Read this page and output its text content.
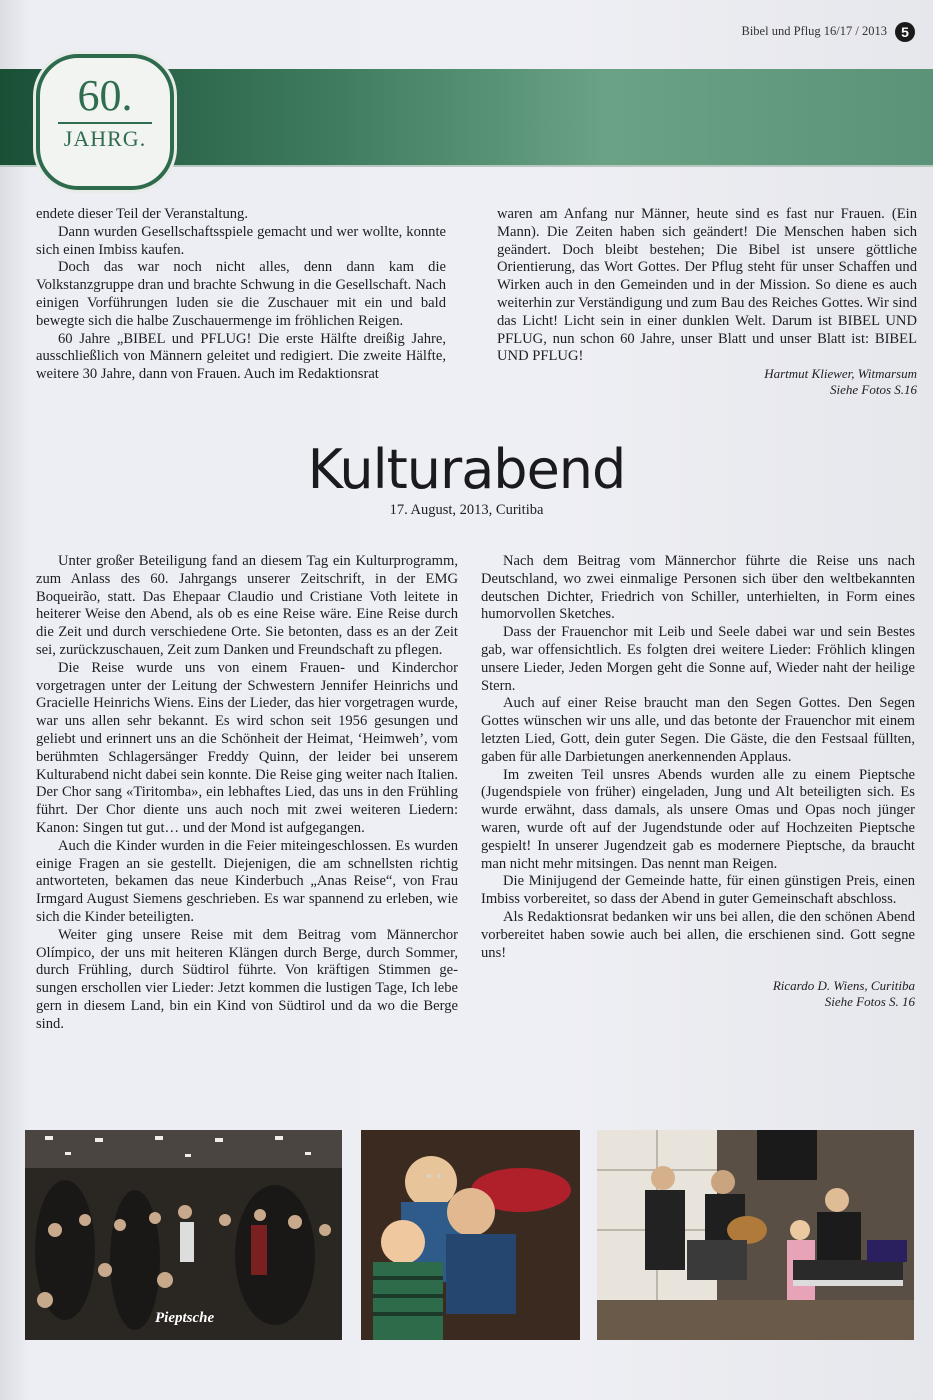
Bibel und Pflug 16/17 / 2013	5
60.
JAHRG.

endete dieser Teil der Veranstaltung.

Dann wurden Gesellschaftsspiele gemacht und wer wollte, konnte sich einen Imbiss kaufen.

Doch das war noch nicht alles, denn dann kam die Volkstanzgruppe dran und brachte Schwung in die Gesellschaft. Nach einigen Vorführungen luden sie die Zuschauer mit ein und bald bewegte sich die halbe Zuschauermenge im fröhlichen Reigen.

60 Jahre „BIBEL und PFLUG! Die erste Hälfte dreißig Jahre, ausschließlich von Männern geleitet und redigiert. Die zweite Hälfte, weitere 30 Jahre, dann von Frauen. Auch im Redaktionsrat

waren am Anfang nur Männer, heute sind es fast nur Frauen. (Ein Mann). Die Zeiten haben sich geändert! Die Menschen haben sich geändert. Doch bleibt bestehen; Die Bibel ist unsere göttliche Orientierung, das Wort Gottes. Der Pflug steht für unser Schaffen und Wirken auch in den Gemeinden und in der Mission. So diene es auch weiterhin zur Verständigung und zum Bau des Reiches Gottes. Wir sind das Licht! Licht sein in einer dunklen Welt. Darum ist BIBEL UND PFLUG, nun schon 60 Jahre, unser Blatt und unser Blatt ist: BIBEL UND PFLUG!

Hartmut Kliewer, Witmarsum
Siehe Fotos S.16
Kulturabend
17. August, 2013, Curitiba

Unter großer Beteiligung fand an diesem Tag ein Kulturprogramm, zum Anlass des 60. Jahrgangs unserer Zeitschrift, in der EMG Boqueirão, statt. Das Ehepaar Claudio und Cristiane Voth leitete in heiterer Weise den Abend, als ob es eine Reise wäre. Eine Reise durch die Zeit und durch verschiedene Orte. Sie betonten, dass es an der Zeit sei, zurückzuschauen, Zeit zum Danken und Freundschaft zu pflegen.

Die Reise wurde uns von einem Frauen- und Kinderchor vorgetragen unter der Leitung der Schwestern Jennifer Heinrichs und Gracielle Heinrichs Wiens. Eins der Lieder, das hier vorgetragen wurde, war uns allen sehr bekannt. Es wird schon seit 1956 gesungen und geliebt und erinnert uns an die Schönheit der Heimat, ‘Heimweh’, vom berühmten Schlagersänger Freddy Quinn, der leider bei unserem Kulturabend nicht dabei sein konnte. Die Reise ging weiter nach Italien. Der Chor sang «Tiritomba», ein lebhaftes Lied, das uns in den Frühling führt. Der Chor diente uns auch noch mit zwei weiteren Liedern: Kanon: Singen tut gut… und der Mond ist aufgegangen.

Auch die Kinder wurden in die Feier miteingeschlossen. Es wurden einige Fragen an sie gestellt. Diejenigen, die am schnellsten richtig antworteten, bekamen das neue Kinderbuch „Anas Reise“, von Frau Irmgard August Siemens geschrieben. Es war spannend zu erleben, wie sich die Kinder beteiligten.

Weiter ging unsere Reise mit dem Beitrag vom Männerchor Olímpico, der uns mit heiteren Klängen durch Berge, durch Sommer, durch Frühling, durch Südtirol führte. Von kräftigen Stimmen ge-sungen erschollen vier Lieder: Jetzt kommen die lustigen Tage, Ich lebe gern in diesem Land, bin ein Kind von Südtirol und da wo die Berge sind.

Nach dem Beitrag vom Männerchor führte die Reise uns nach Deutschland, wo zwei einmalige Personen sich über den weltbekannten deutschen Dichter, Friedrich von Schiller, unterhielten, in Form eines humorvollen Sketches.

Dass der Frauenchor mit Leib und Seele dabei war und sein Bestes gab, war offensichtlich. Es folgten drei weitere Lieder: Fröhlich klingen unsere Lieder, Jeden Morgen geht die Sonne auf, Wieder naht der heilige Stern.

Auch auf einer Reise braucht man den Segen Gottes. Den Segen Gottes wünschen wir uns alle, und das betonte der Frauenchor mit einem letzten Lied, Gott, dein guter Segen. Die Gäste, die den Festsaal füllten, gaben für alle Darbietungen anerkennenden Applaus.

Im zweiten Teil unsres Abends wurden alle zu einem Pieptsche (Jugendspiele von früher) eingeladen, Jung und Alt beteiligten sich. Es wurde erwähnt, dass damals, als unsere Omas und Opas noch jünger waren, wurde oft auf der Jugendstunde oder auf Hochzeiten Pieptsche gespielt! In unserer Jugendzeit gab es modernere Pieptsche, da braucht man nicht mehr mitsingen. Das nennt man Reigen.

Die Minijugend der Gemeinde hatte, für einen günstigen Preis, einen Imbiss vorbereitet, so dass der Abend in guter Gemeinschaft abschloss.

Als Redaktionsrat bedanken wir uns bei allen, die den schönen Abend vorbereitet haben sowie auch bei allen, die erschienen sind. Gott segne uns!

Ricardo D. Wiens, Curitiba
Siehe Fotos S. 16
Pieptsche
